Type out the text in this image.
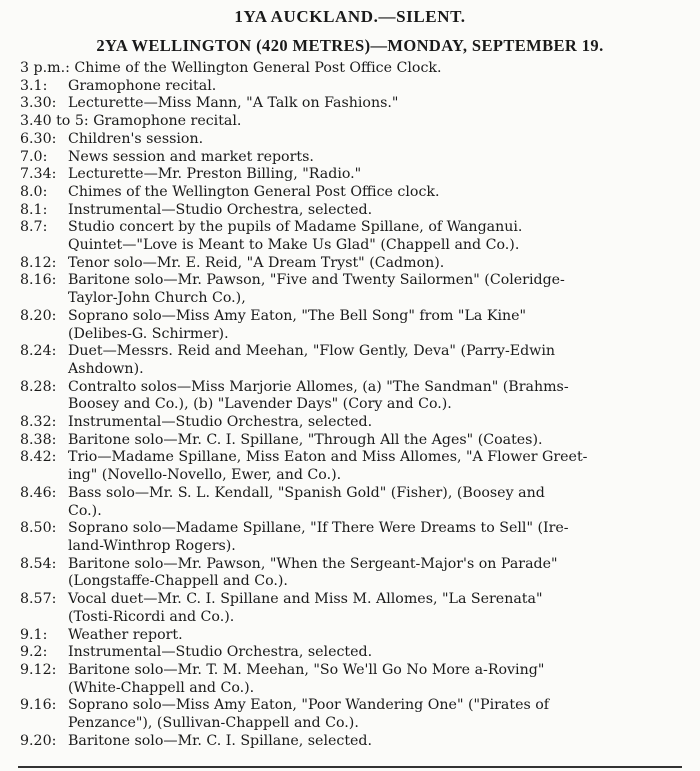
1YA AUCKLAND.—SILENT.
2YA WELLINGTON (420 METRES)—MONDAY, SEPTEMBER 19.
3 p.m.: Chime of the Wellington General Post Office Clock.
3.1: Gramophone recital.
3.30: Lecturette—Miss Mann, "A Talk on Fashions."
3.40 to 5: Gramophone recital.
6.30: Children's session.
7.0: News session and market reports.
7.34: Lecturette—Mr. Preston Billing, "Radio."
8.0: Chimes of the Wellington General Post Office clock.
8.1: Instrumental—Studio Orchestra, selected.
8.7: Studio concert by the pupils of Madame Spillane, of Wanganui.
Quintet—"Love is Meant to Make Us Glad" (Chappell and Co.).
8.12: Tenor solo—Mr. E. Reid, "A Dream Tryst" (Cadmon).
8.16: Baritone solo—Mr. Pawson, "Five and Twenty Sailormen" (Coleridge-
Taylor-John Church Co.),
8.20: Soprano solo—Miss Amy Eaton, "The Bell Song" from "La Kine"
(Delibes-G. Schirmer).
8.24: Duet—Messrs. Reid and Meehan, "Flow Gently, Deva" (Parry-Edwin
Ashdown).
8.28: Contralto solos—Miss Marjorie Allomes, (a) "The Sandman" (Brahms-
Boosey and Co.), (b) "Lavender Days" (Cory and Co.).
8.32: Instrumental—Studio Orchestra, selected.
8.38: Baritone solo—Mr. C. I. Spillane, "Through All the Ages" (Coates).
8.42: Trio—Madame Spillane, Miss Eaton and Miss Allomes, "A Flower Greet-
ing" (Novello-Novello, Ewer, and Co.).
8.46: Bass solo—Mr. S. L. Kendall, "Spanish Gold" (Fisher), (Boosey and
Co.).
8.50: Soprano solo—Madame Spillane, "If There Were Dreams to Sell" (Ire-
land-Winthrop Rogers).
8.54: Baritone solo—Mr. Pawson, "When the Sergeant-Major's on Parade"
(Longstaffe-Chappell and Co.).
8.57: Vocal duet—Mr. C. I. Spillane and Miss M. Allomes, "La Serenata"
(Tosti-Ricordi and Co.).
9.1: Weather report.
9.2: Instrumental—Studio Orchestra, selected.
9.12: Baritone solo—Mr. T. M. Meehan, "So We'll Go No More a-Roving"
(White-Chappell and Co.).
9.16: Soprano solo—Miss Amy Eaton, "Poor Wandering One" ("Pirates of
Penzance"), (Sullivan-Chappell and Co.).
9.20: Baritone solo—Mr. C. I. Spillane, selected.
